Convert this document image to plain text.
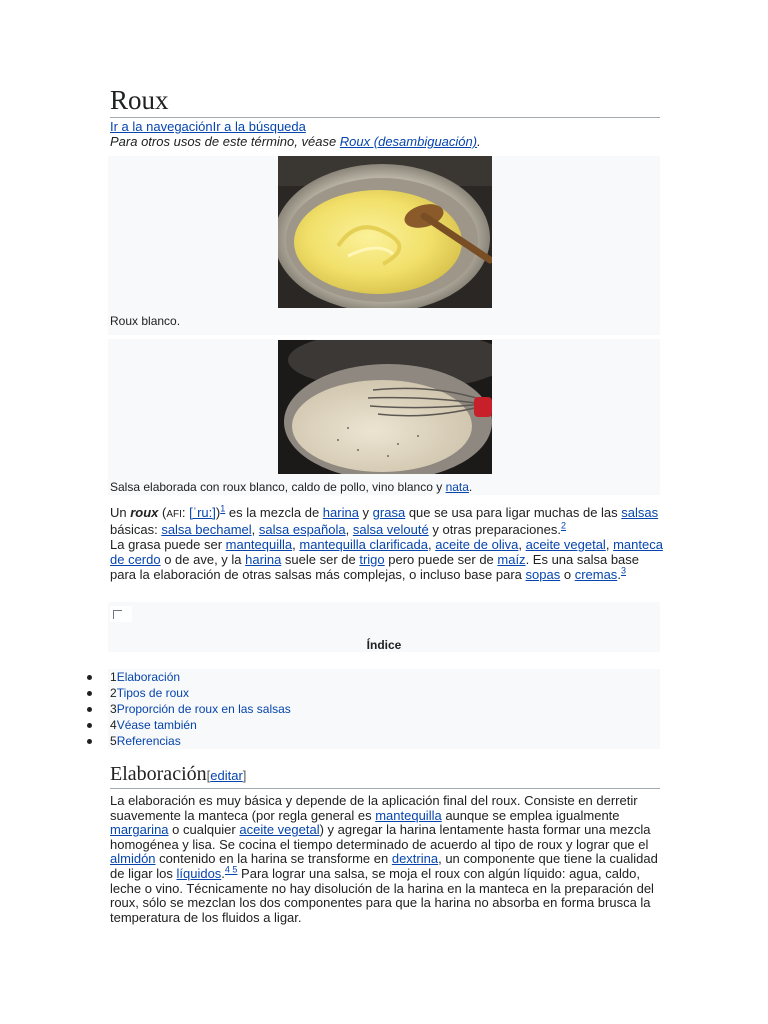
Roux
Ir a la navegaciónIr a la búsqueda
Para otros usos de este término, véase Roux (desambiguación).
Roux blanco.
Salsa elaborada con roux blanco, caldo de pollo, vino blanco y nata.

Un roux (AFI: [ˈru:])$^1$ es la mezcla de harina y grasa que se usa para ligar muchas de las salsas básicas: salsa bechamel, salsa española, salsa velouté y otras preparaciones.$^2$
La grasa puede ser mantequilla, mantequilla clarificada, aceite de oliva, aceite vegetal, manteca de cerdo o de ave, y la harina suele ser de trigo pero puede ser de maíz. Es una salsa base para la elaboración de otras salsas más complejas, o incluso base para sopas o cremas.$^3$

Índice
1Elaboración
2Tipos de roux
3Proporción de roux en las salsas
4Véase también
5Referencias
Elaboración[editar]

La elaboración es muy básica y depende de la aplicación final del roux. Consiste en derretir suavemente la manteca (por regla general es mantequilla aunque se emplea igualmente margarina o cualquier aceite vegetal) y agregar la harina lentamente hasta formar una mezcla homogénea y lisa. Se cocina el tiempo determinado de acuerdo al tipo de roux y lograr que el almidón contenido en la harina se transforme en dextrina, un componente que tiene la cualidad de ligar los líquidos.$^{4 5}$ Para lograr una salsa, se moja el roux con algún líquido: agua, caldo, leche o vino. Técnicamente no hay disolución de la harina en la manteca en la preparación del roux, sólo se mezclan los dos componentes para que la harina no absorba en forma brusca la temperatura de los fluidos a ligar.
